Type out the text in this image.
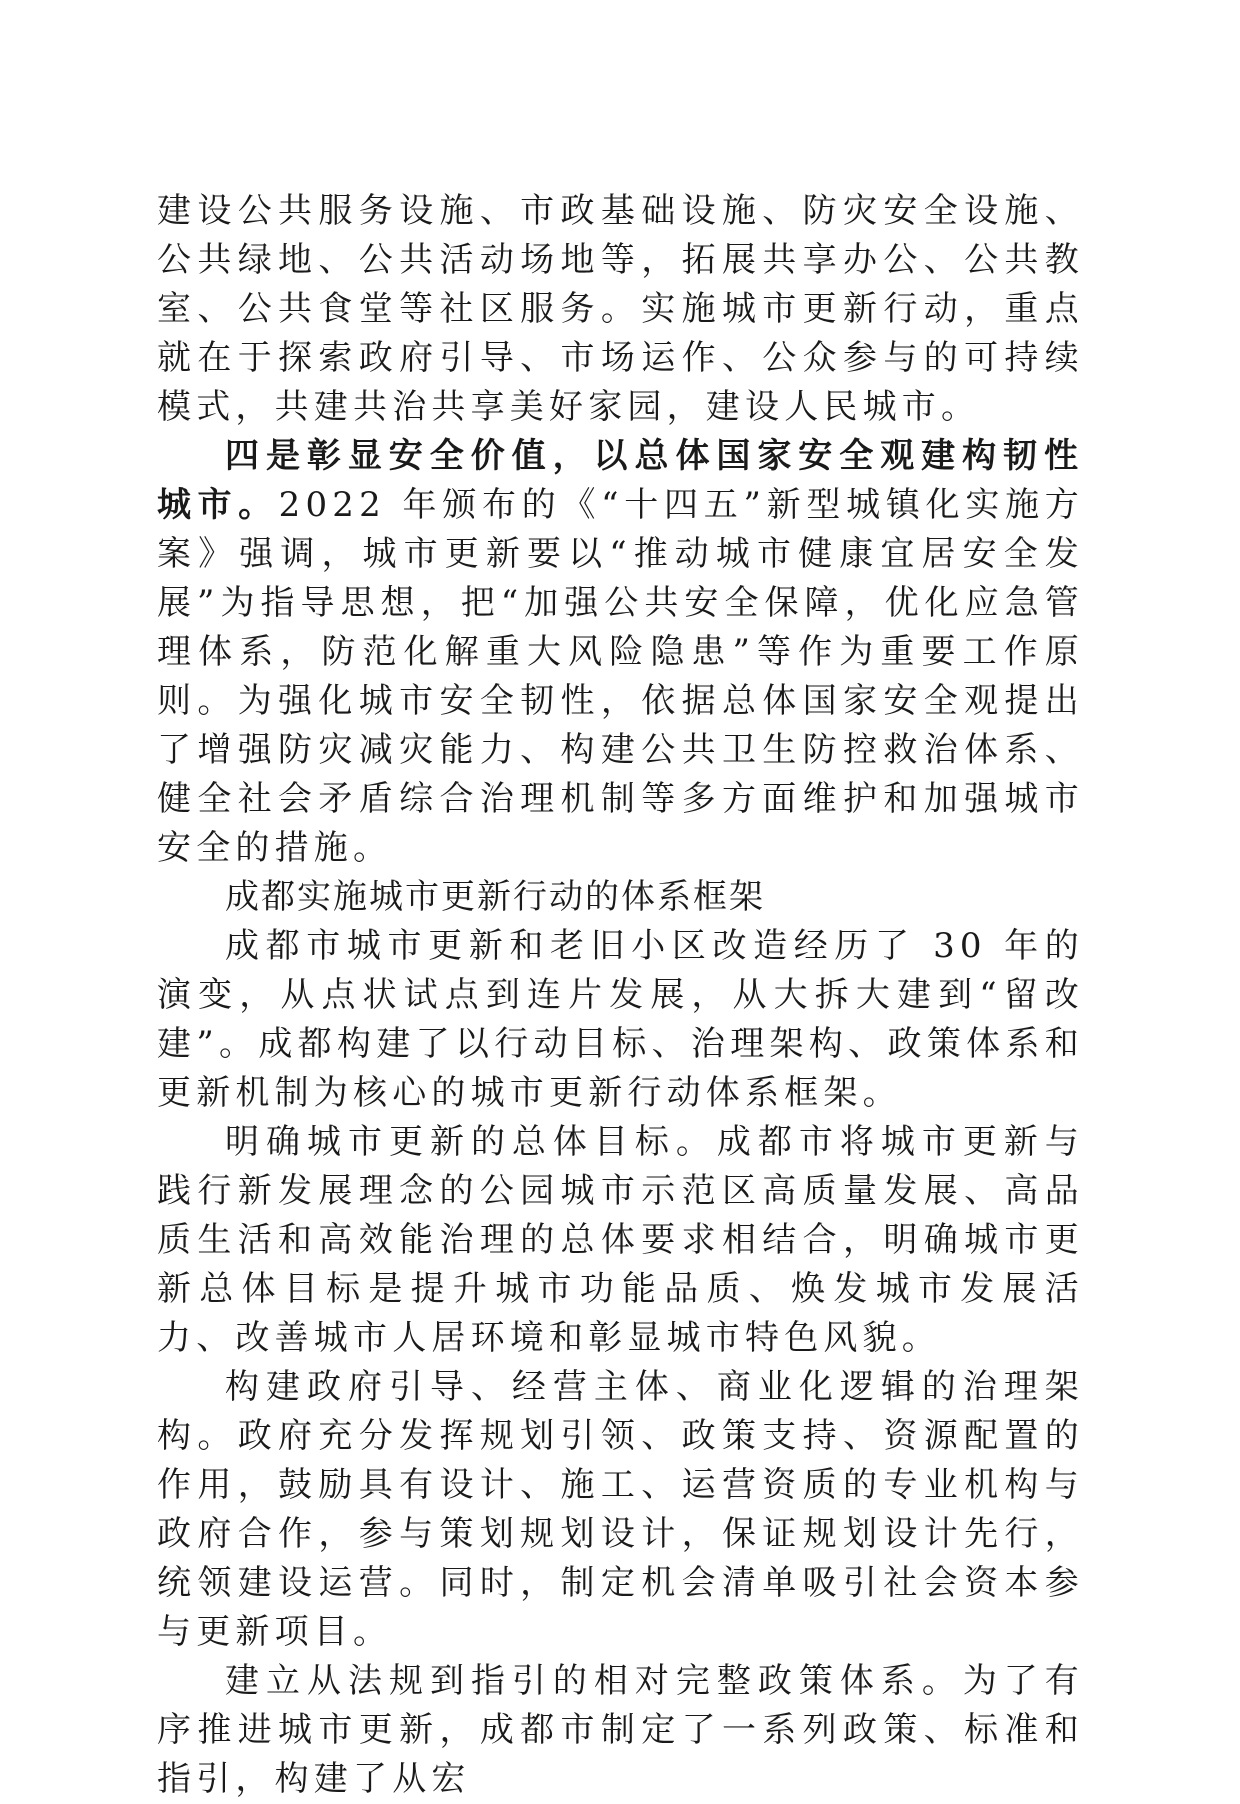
建设公共服务设施、市政基础设施、防灾安全设施、公共绿地、公共活动场地等，拓展共享办公、公共教室、公共食堂等社区服务。实施城市更新行动，重点就在于探索政府引导、市场运作、公众参与的可持续模式，共建共治共享美好家园，建设人民城市。

四是彰显安全价值，以总体国家安全观建构韧性城市。2022 年颁布的《“十四五”新型城镇化实施方案》强调，城市更新要以“推动城市健康宜居安全发展”为指导思想，把“加强公共安全保障，优化应急管理体系，防范化解重大风险隐患”等作为重要工作原则。为强化城市安全韧性，依据总体国家安全观提出了增强防灾减灾能力、构建公共卫生防控救治体系、健全社会矛盾综合治理机制等多方面维护和加强城市安全的措施。

成都实施城市更新行动的体系框架

成都市城市更新和老旧小区改造经历了 30 年的演变，从点状试点到连片发展，从大拆大建到“留改建”。成都构建了以行动目标、治理架构、政策体系和更新机制为核心的城市更新行动体系框架。

明确城市更新的总体目标。成都市将城市更新与践行新发展理念的公园城市示范区高质量发展、高品质生活和高效能治理的总体要求相结合，明确城市更新总体目标是提升城市功能品质、焕发城市发展活力、改善城市人居环境和彰显城市特色风貌。

构建政府引导、经营主体、商业化逻辑的治理架构。政府充分发挥规划引领、政策支持、资源配置的作用，鼓励具有设计、施工、运营资质的专业机构与政府合作，参与策划规划设计，保证规划设计先行，统领建设运营。同时，制定机会清单吸引社会资本参与更新项目。

建立从法规到指引的相对完整政策体系。为了有序推进城市更新，成都市制定了一系列政策、标准和指引，构建了从宏
